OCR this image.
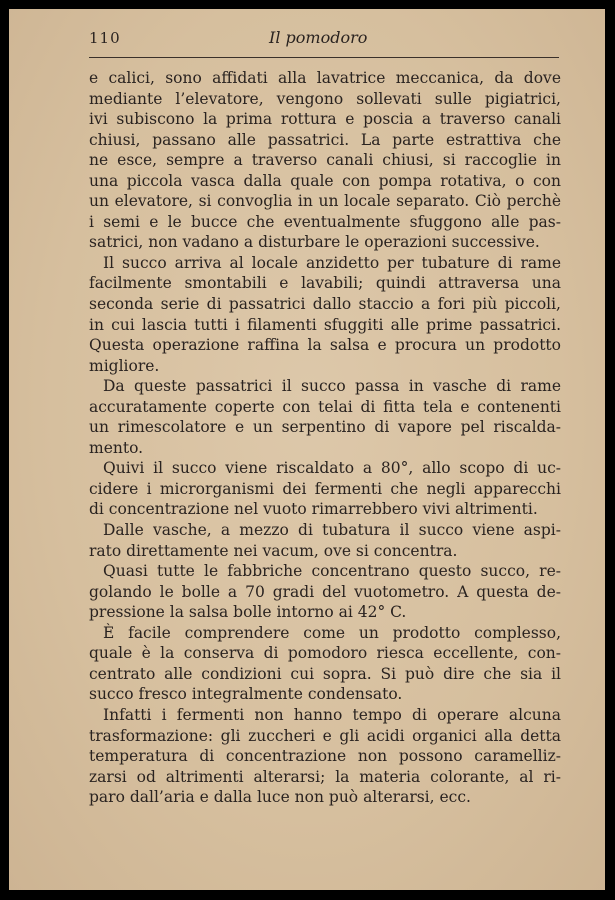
110	Il pomodoro
e calici, sono affidati alla lavatrice meccanica, da dove
mediante l’elevatore, vengono sollevati sulle pigiatrici,
ivi subiscono la prima rottura e poscia a traverso canali
chiusi, passano alle passatrici. La parte estrattiva che
ne esce, sempre a traverso canali chiusi, si raccoglie in
una piccola vasca dalla quale con pompa rotativa, o con
un elevatore, si convoglia in un locale separato. Ciò perchè
i semi e le bucce che eventualmente sfuggono alle pas-
satrici, non vadano a disturbare le operazioni successive.
Il succo arriva al locale anzidetto per tubature di rame
facilmente smontabili e lavabili; quindi attraversa una
seconda serie di passatrici dallo staccio a fori più piccoli,
in cui lascia tutti i filamenti sfuggiti alle prime passatrici.
Questa operazione raffina la salsa e procura un prodotto
migliore.
Da queste passatrici il succo passa in vasche di rame
accuratamente coperte con telai di fitta tela e contenenti
un rimescolatore e un serpentino di vapore pel riscalda-
mento.
Quivi il succo viene riscaldato a 80°, allo scopo di uc-
cidere i microrganismi dei fermenti che negli apparecchi
di concentrazione nel vuoto rimarrebbero vivi altrimenti.
Dalle vasche, a mezzo di tubatura il succo viene aspi-
rato direttamente nei vacum, ove si concentra.
Quasi tutte le fabbriche concentrano questo succo, re-
golando le bolle a 70 gradi del vuotometro. A questa de-
pressione la salsa bolle intorno ai 42° C.
È facile comprendere come un prodotto complesso,
quale è la conserva di pomodoro riesca eccellente, con-
centrato alle condizioni cui sopra. Si può dire che sia il
succo fresco integralmente condensato.
Infatti i fermenti non hanno tempo di operare alcuna
trasformazione: gli zuccheri e gli acidi organici alla detta
temperatura di concentrazione non possono caramelliz-
zarsi od altrimenti alterarsi; la materia colorante, al ri-
paro dall’aria e dalla luce non può alterarsi, ecc.
